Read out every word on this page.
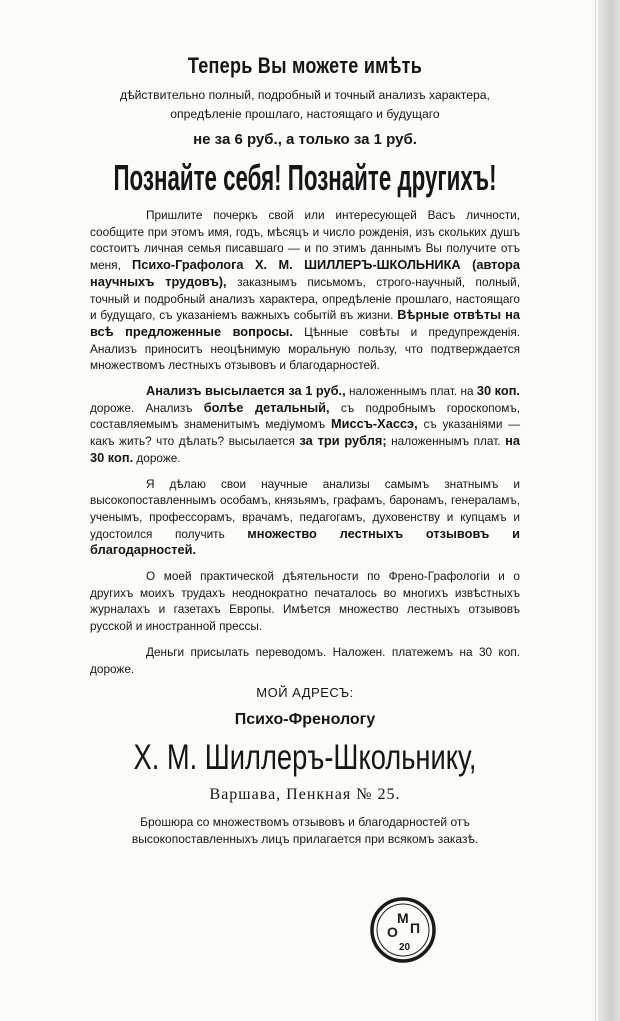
Теперь Вы можете имѣть
дѣйствительно полный, подробный и точный анализъ характера,
опредѣленіе прошлаго, настоящаго и будущаго
не за 6 руб., а только за 1 руб.
Познайте себя! Познайте другихъ!

Пришлите почеркъ свой или интересующей Васъ личности, сообщите при этомъ имя, годъ, мѣсяцъ и число рожденія, изъ скольких душъ состоитъ личная семья писавшаго — и по этимъ даннымъ Вы получите отъ меня, Психо-Графолога Х. М. ШИЛЛЕРЪ-ШКОЛЬНИКА (автора научныхъ трудовъ), заказнымъ письмомъ, строго-научный, полный, точный и подробный анализъ характера, опредѣленіе прошлаго, настоящаго и будущаго, съ указаніемъ важныхъ событій въ жизни. Вѣрные отвѣты на всѣ предложенные вопросы. Цѣнные совѣты и предупрежденія. Анализъ приноситъ неоцѣнимую моральную пользу, что подтверждается множествомъ лестныхъ отзывовъ и благодарностей.

Анализъ высылается за 1 руб., наложеннымъ плат. на 30 коп. дороже. Анализъ болѣе детальный, съ подробнымъ гороскопомъ, составляемымъ знаменитымъ медіумомъ Миссъ-Хассэ, съ указаніями — какъ жить? что дѣлать? высылается за три рубля; наложеннымъ плат. на 30 коп. дороже.

Я дѣлаю свои научные анализы самымъ знатнымъ и высокопоставленнымъ особамъ, князьямъ, графамъ, баронамъ, генераламъ, ученымъ, профессорамъ, врачамъ, педагогамъ, духовенству и купцамъ и удостоился получить множество лестныхъ отзывовъ и благодарностей.

О моей практической дѣятельности по Френо-Графологіи и о другихъ моихъ трудахъ неоднократно печаталось во многихъ извѣстныхъ журналахъ и газетахъ Европы. Имѣется множество лестныхъ отзывовъ русской и иностранной прессы.

Деньги присылать переводомъ. Наложен. платежемъ на 30 коп. дороже.

МОЙ АДРЕСЪ:
Психо-Френологу
Х. М. Шиллеръ-Школьнику,
Варшава, Пенкная № 25.
Брошюра со множествомъ отзывовъ и благодарностей отъ высокопоставленныхъ лицъ прилагается при всякомъ заказѣ.
О
М
П
20
